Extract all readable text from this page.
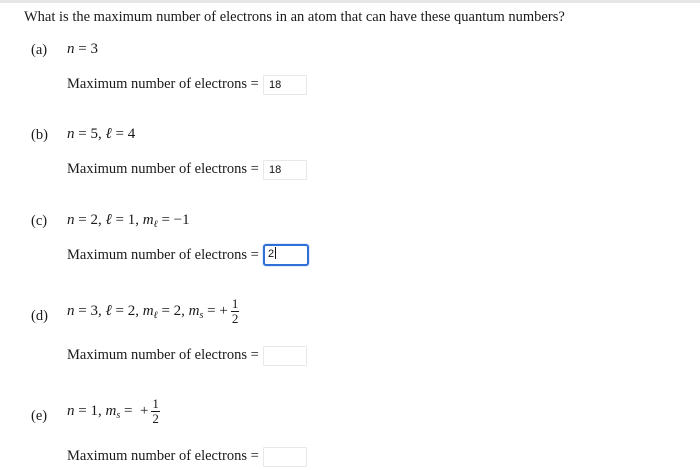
What is the maximum number of electrons in an atom that can have these quantum numbers?
(a) n = 3
Maximum number of electrons = 18
(b) n = 5, ℓ = 4
Maximum number of electrons = 18
(c) n = 2, ℓ = 1, $m_\ell = -1$
Maximum number of electrons = 2
(d) n = 3, ℓ = 2, $m_\ell = 2$, $m_s$ = + $\frac{1}{2}$
Maximum number of electrons =
(e) n = 1, $m_s$ =  + $\frac{1}{2}$
Maximum number of electrons =
